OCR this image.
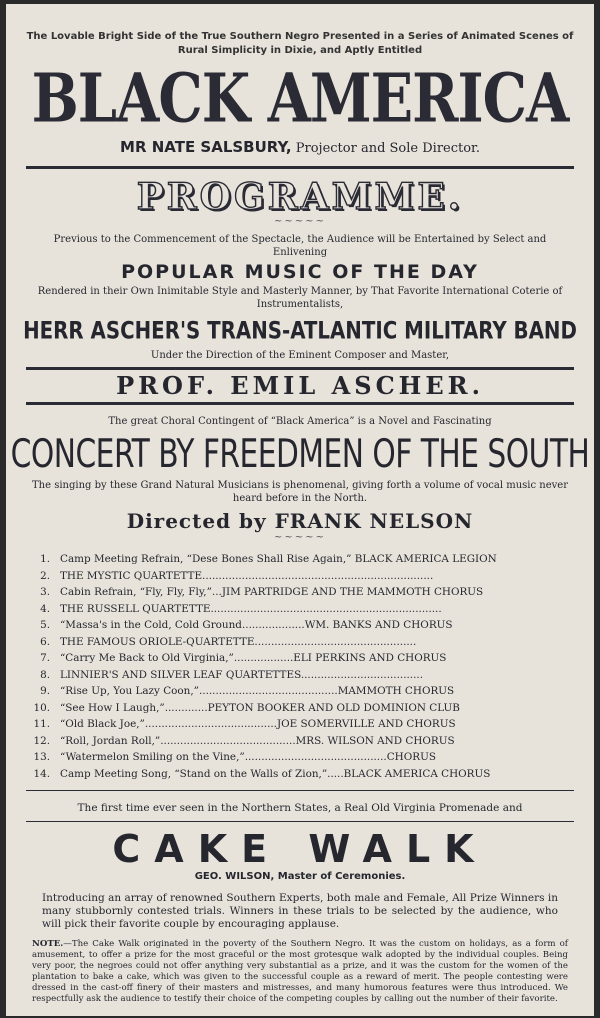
The Lovable Bright Side of the True Southern Negro Presented in a Series of Animated Scenes of Rural Simplicity in Dixie, and Aptly Entitled
BLACK AMERICA
MR NATE SALSBURY, Projector and Sole Director.
PROGRAMME.
~~~~~
Previous to the Commencement of the Spectacle, the Audience will be Entertained by Select and Enlivening
POPULAR MUSIC OF THE DAY
Rendered in their Own Inimitable Style and Masterly Manner, by That Favorite International Coterie of Instrumentalists,
HERR ASCHER'S TRANS-ATLANTIC MILITARY BAND
Under the Direction of the Eminent Composer and Master,
PROF. EMIL ASCHER.
The great Choral Contingent of “Black America” is a Novel and Fascinating
CONCERT BY FREEDMEN OF THE SOUTH
The singing by these Grand Natural Musicians is phenomenal, giving forth a volume of vocal music never heard before in the North.
Directed by FRANK NELSON
~~~~~
1. Camp Meeting Refrain, “Dese Bones Shall Rise Again,” BLACK AMERICA LEGION
2. THE MYSTIC QUARTETTE......................................................................
3. Cabin Refrain, “Fly, Fly, Fly,”...JIM PARTRIDGE AND THE MAMMOTH CHORUS
4. THE RUSSELL QUARTETTE......................................................................
5. “Massa's in the Cold, Cold Ground...................WM. BANKS AND CHORUS
6. THE FAMOUS ORIOLE-QUARTETTE.................................................
7. “Carry Me Back to Old Virginia,”..................ELI PERKINS AND CHORUS
8. LINNIER'S AND SILVER LEAF QUARTETTES.....................................
9. “Rise Up, You Lazy Coon,”..........................................MAMMOTH CHORUS
10. “See How I Laugh,”.............PEYTON BOOKER AND OLD DOMINION CLUB
11. “Old Black Joe,”........................................JOE SOMERVILLE AND CHORUS
12. “Roll, Jordan Roll,”.........................................MRS. WILSON AND CHORUS
13. “Watermelon Smiling on the Vine,”...........................................CHORUS
14. Camp Meeting Song, “Stand on the Walls of Zion,”.....BLACK AMERICA CHORUS
The first time ever seen in the Northern States, a Real Old Virginia Promenade and
CAKE WALK
GEO. WILSON, Master of Ceremonies.
Introducing an array of renowned Southern Experts, both male and Female, All Prize Winners in many stubbornly contested trials. Winners in these trials to be selected by the audience, who will pick their favorite couple by encouraging applause.
NOTE.—The Cake Walk originated in the poverty of the Southern Negro. It was the custom on holidays, as a form of amusement, to offer a prize for the most graceful or the most grotesque walk adopted by the individual couples. Being very poor, the negroes could not offer anything very substantial as a prize, and it was the custom for the women of the plantation to bake a cake, which was given to the successful couple as a reward of merit. The people contesting were dressed in the cast-off finery of their masters and mistresses, and many humorous features were thus introduced. We respectfully ask the audience to testify their choice of the competing couples by calling out the number of their favorite.
